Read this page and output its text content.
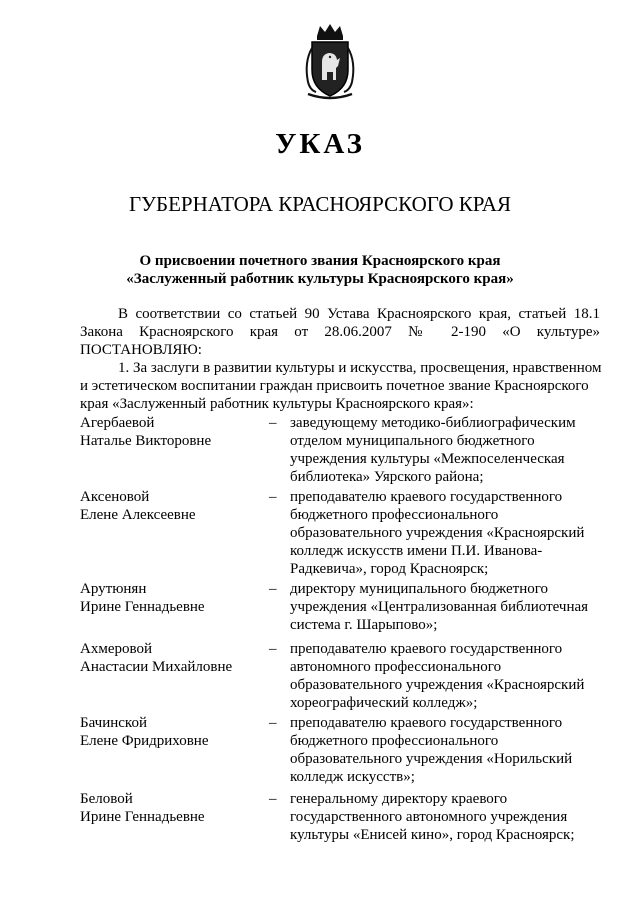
УКАЗ
ГУБЕРНАТОРА КРАСНОЯРСКОГО КРАЯ
О присвоении почетного звания Красноярского края
«Заслуженный работник культуры Красноярского края»
В соответствии со статьей 90 Устава Красноярского края, статьей 18.1
Закона Красноярского края от 28.06.2007 № 2-190 «О культуре»
ПОСТАНОВЛЯЮ:
1. За заслуги в развитии культуры и искусства, просвещения, нравственном
и эстетическом воспитании граждан присвоить почетное звание Красноярского
края «Заслуженный работник культуры Красноярского края»:
Агербаевой
Наталье Викторовне
– заведующему методико-библиографическим
отделом муниципального бюджетного
учреждения культуры «Межпоселенческая
библиотека» Уярского района;
Аксеновой
Елене Алексеевне
– преподавателю краевого государственного
бюджетного профессионального
образовательного учреждения «Красноярский
колледж искусств имени П.И. Иванова-
Радкевича», город Красноярск;
Арутюнян
Ирине Геннадьевне
– директору муниципального бюджетного
учреждения «Централизованная библиотечная
система г. Шарыпово»;
Ахмеровой
Анастасии Михайловне
– преподавателю краевого государственного
автономного профессионального
образовательного учреждения «Красноярский
хореографический колледж»;
Бачинской
Елене Фридриховне
– преподавателю краевого государственного
бюджетного профессионального
образовательного учреждения «Норильский
колледж искусств»;
Беловой
Ирине Геннадьевне
– генеральному директору краевого
государственного автономного учреждения
культуры «Енисей кино», город Красноярск;
